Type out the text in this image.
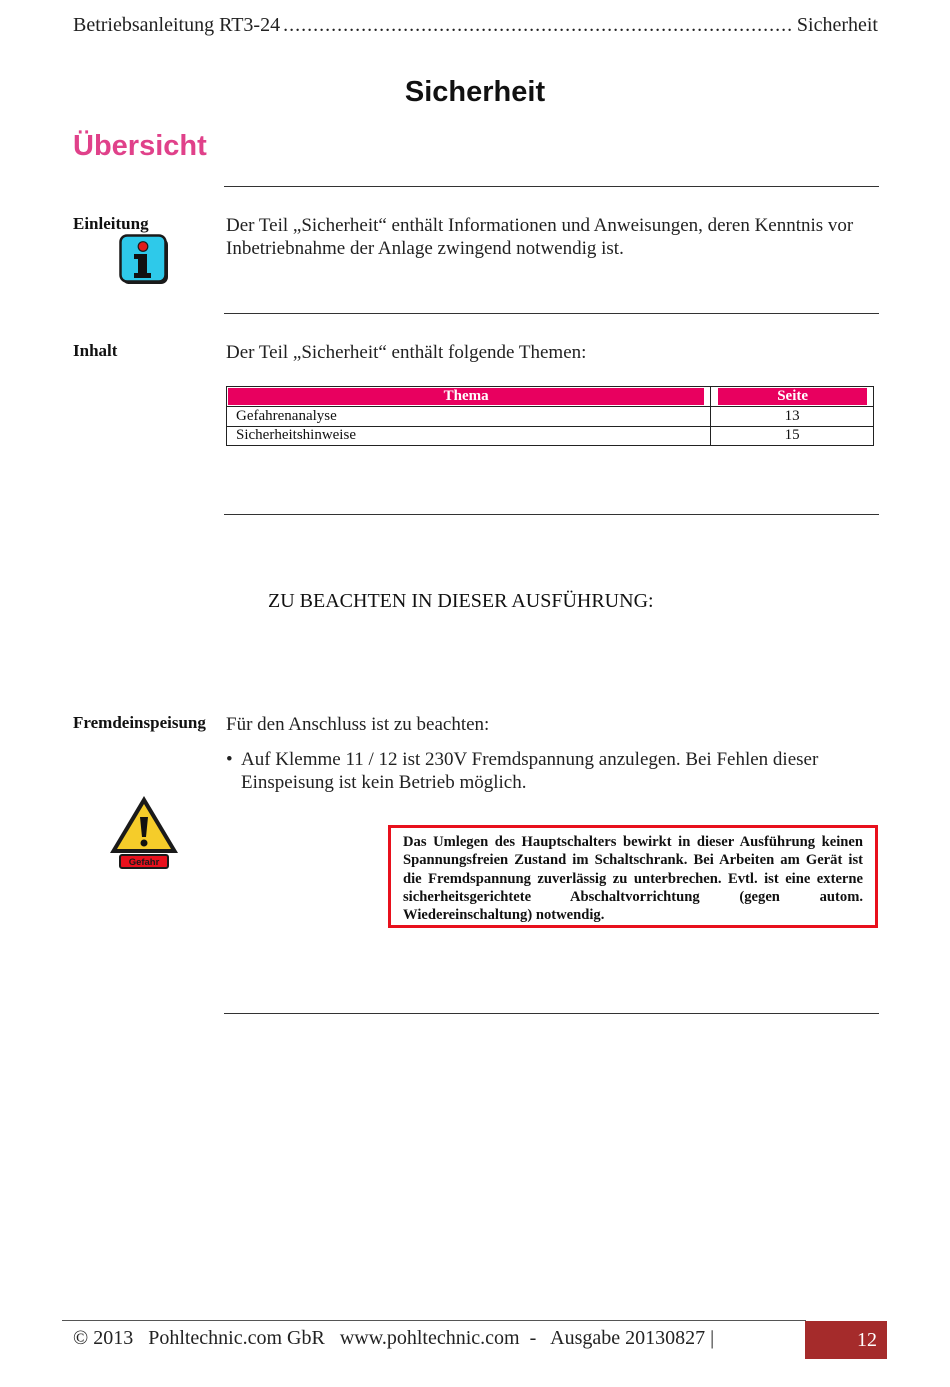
Betriebsanleitung RT3-24 .....	Sicherheit
Sicherheit
Übersicht
Einleitung	Der Teil „Sicherheit“ enthält Informationen und Anweisungen, deren Kenntnis vor Inbetriebnahme der Anlage zwingend notwendig ist.
Inhalt	Der Teil „Sicherheit“ enthält folgende Themen:
Thema	Seite

Gefahrenanalyse	13
Sicherheitshinweise	15
ZU BEACHTEN IN DIESER AUSFÜHRUNG:
Fremdeinspeisung Für den Anschluss ist zu beachten:
• Auf Klemme 11 / 12 ist 230V Fremdspannung anzulegen. Bei Fehlen dieser Einspeisung ist kein Betrieb möglich.
Gefahr
Das Umlegen des Hauptschalters bewirkt in dieser Ausführung keinen Spannungsfreien Zustand im Schaltschrank. Bei Arbeiten am Gerät ist die Fremdspannung zuverlässig zu unterbrechen. Evtl. ist eine externe sicherheitsgerichtete Abschaltvorrichtung (gegen autom. Wiedereinschaltung) notwendig.
© 2013   Pohltechnic.com GbR   www.pohltechnic.com  -   Ausgabe 20130827 |	12
